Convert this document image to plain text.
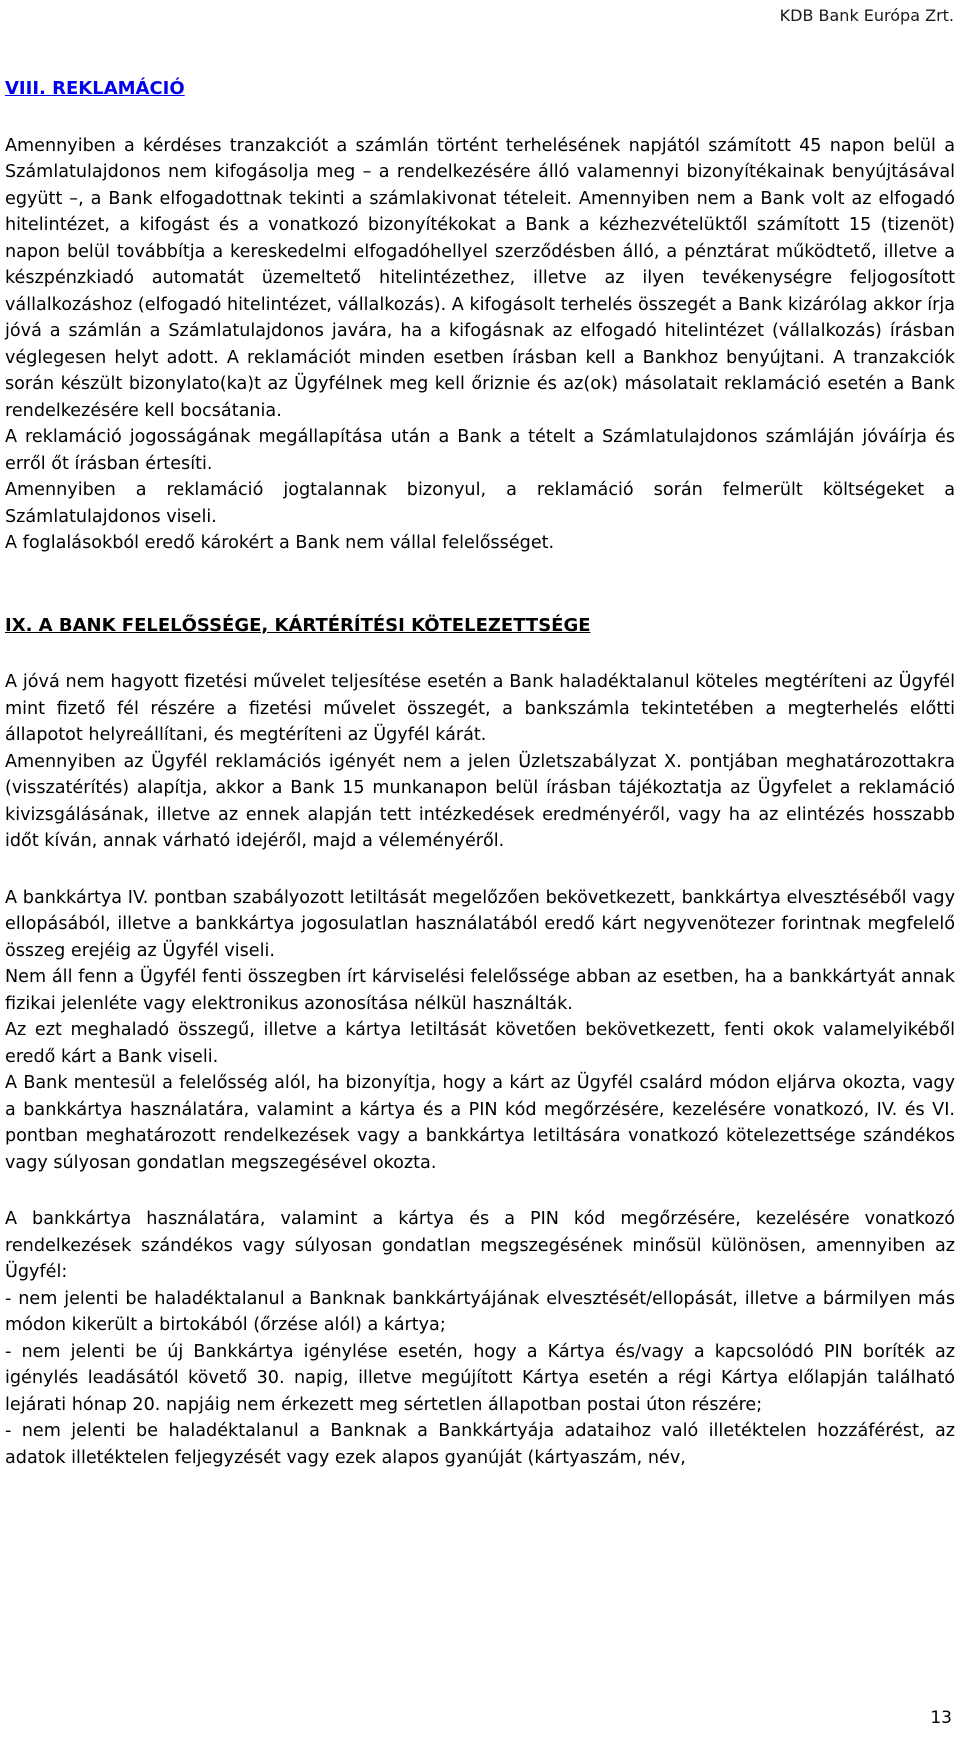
KDB Bank Európa Zrt.
VIII. REKLAMÁCIÓ

Amennyiben a kérdéses tranzakciót a számlán történt terhelésének napjától számított 45 napon belül a Számlatulajdonos nem kifogásolja meg – a rendelkezésére álló valamennyi bizonyítékainak benyújtásával együtt –, a Bank elfogadottnak tekinti a számlakivonat tételeit. Amennyiben nem a Bank volt az elfogadó hitelintézet, a kifogást és a vonatkozó bizonyítékokat a Bank a kézhezvételüktől számított 15 (tizenöt) napon belül továbbítja a kereskedelmi elfogadóhellyel szerződésben álló, a pénztárat működtető, illetve a készpénzkiadó automatát üzemeltető hitelintézethez, illetve az ilyen tevékenységre feljogosított vállalkozáshoz (elfogadó hitelintézet, vállalkozás). A kifogásolt terhelés összegét a Bank kizárólag akkor írja jóvá a számlán a Számlatulajdonos javára, ha a kifogásnak az elfogadó hitelintézet (vállalkozás) írásban véglegesen helyt adott. A reklamációt minden esetben írásban kell a Bankhoz benyújtani. A tranzakciók során készült bizonylato(ka)t az Ügyfélnek meg kell őriznie és az(ok) másolatait reklamáció esetén a Bank rendelkezésére kell bocsátania.

A reklamáció jogosságának megállapítása után a Bank a tételt a Számlatulajdonos számláján jóváírja és erről őt írásban értesíti.

Amennyiben a reklamáció jogtalannak bizonyul, a reklamáció során felmerült költségeket a Számlatulajdonos viseli.

A foglalásokból eredő károkért a Bank nem vállal felelősséget.

IX. A BANK FELELŐSSÉGE, KÁRTÉRÍTÉSI KÖTELEZETTSÉGE

A jóvá nem hagyott fizetési művelet teljesítése esetén a Bank haladéktalanul köteles megtéríteni az Ügyfél mint fizető fél részére a fizetési művelet összegét, a bankszámla tekintetében a megterhelés előtti állapotot helyreállítani, és megtéríteni az Ügyfél kárát.

Amennyiben az Ügyfél reklamációs igényét nem a jelen Üzletszabályzat X. pontjában meghatározottakra (visszatérítés) alapítja, akkor a Bank 15 munkanapon belül írásban tájékoztatja az Ügyfelet a reklamáció kivizsgálásának, illetve az ennek alapján tett intézkedések eredményéről, vagy ha az elintézés hosszabb időt kíván, annak várható idejéről, majd a véleményéről.

A bankkártya IV. pontban szabályozott letiltását megelőzően bekövetkezett, bankkártya elvesztéséből vagy ellopásából, illetve a bankkártya jogosulatlan használatából eredő kárt negyvenötezer forintnak megfelelő összeg erejéig az Ügyfél viseli.

Nem áll fenn a Ügyfél fenti összegben írt kárviselési felelőssége abban az esetben, ha a bankkártyát annak fizikai jelenléte vagy elektronikus azonosítása nélkül használták.

Az ezt meghaladó összegű, illetve a kártya letiltását követően bekövetkezett, fenti okok valamelyikéből eredő kárt a Bank viseli.

A Bank mentesül a felelősség alól, ha bizonyítja, hogy a kárt az Ügyfél csalárd módon eljárva okozta, vagy a bankkártya használatára, valamint a kártya és a PIN kód megőrzésére, kezelésére vonatkozó, IV. és VI. pontban meghatározott rendelkezések vagy a bankkártya letiltására vonatkozó kötelezettsége szándékos vagy súlyosan gondatlan megszegésével okozta.

A bankkártya használatára, valamint a kártya és a PIN kód megőrzésére, kezelésére vonatkozó rendelkezések szándékos vagy súlyosan gondatlan megszegésének minősül különösen, amennyiben az Ügyfél:

- nem jelenti be haladéktalanul a Banknak bankkártyájának elvesztését/ellopását, illetve a bármilyen más módon kikerült a birtokából (őrzése alól) a kártya;

- nem jelenti be új Bankkártya igénylése esetén, hogy a Kártya és/vagy a kapcsolódó PIN boríték az igénylés leadásától követő 30. napig, illetve megújított Kártya esetén a régi Kártya előlapján található lejárati hónap 20. napjáig nem érkezett meg sértetlen állapotban postai úton részére;

- nem jelenti be haladéktalanul a Banknak a Bankkártyája adataihoz való illetéktelen hozzáférést, az adatok illetéktelen feljegyzését vagy ezek alapos gyanúját (kártyaszám, név,

13
